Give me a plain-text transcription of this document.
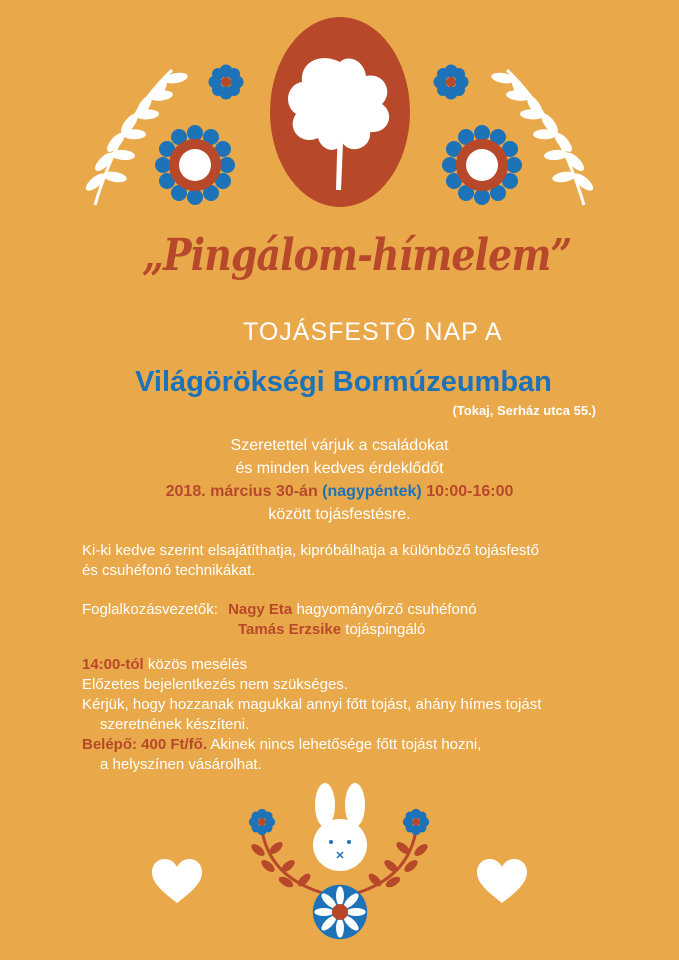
„Pingálom-hímelem”
TOJÁSFESTŐ NAP A
Világörökségi Bormúzeumban
(Tokaj, Serház utca 55.)
Szeretettel várjuk a családokat
és minden kedves érdeklődőt
2018. március 30-án (nagypéntek) 10:00-16:00
között tojásfestésre.
Ki-ki kedve szerint elsajátíthatja, kipróbálhatja a különböző tojásfestő
és csuhéfonó technikákat.
Foglalkozásvezetők: Nagy Eta hagyományőrző csuhéfonó
Tamás Erzsike tojáspingáló
14:00-tól közös mesélés
Előzetes bejelentkezés nem szükséges.
Kérjük, hogy hozzanak magukkal annyi főtt tojást, ahány hímes tojást
szeretnének készíteni.
Belépő: 400 Ft/fő. Akinek nincs lehetősége főtt tojást hozni,
a helyszínen vásárolhat.
